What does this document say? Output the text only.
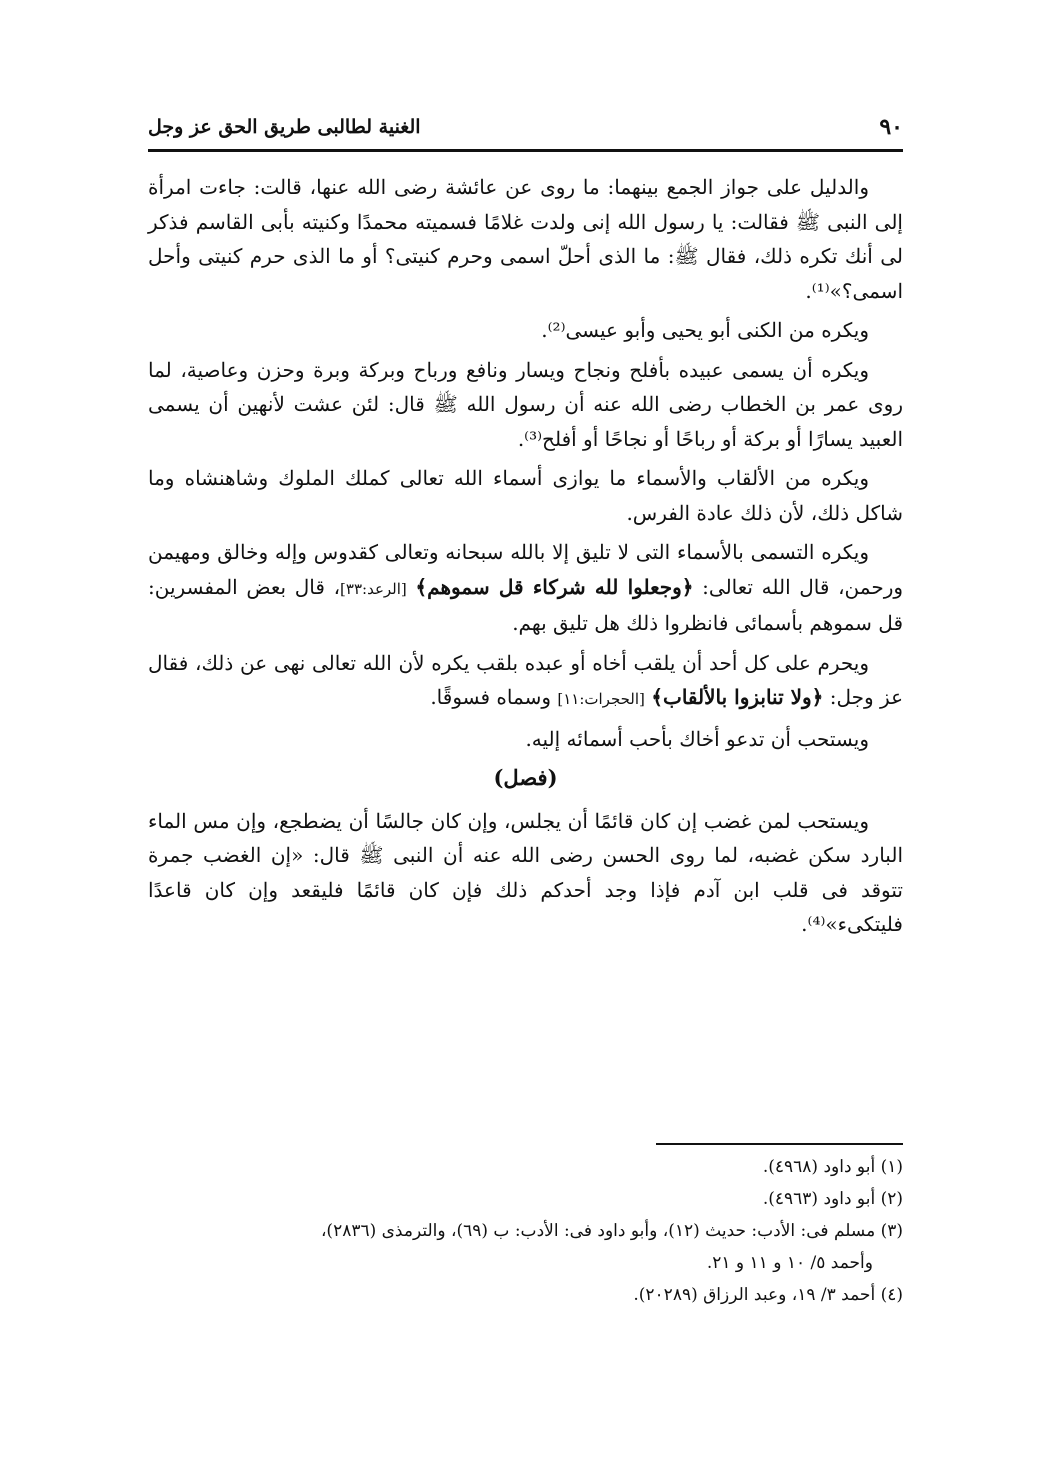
٩٠
الغنية لطالبى طريق الحق عز وجل

والدليل على جواز الجمع بينهما: ما روى عن عائشة رضى الله عنها، قالت: جاءت امرأة إلى النبى ﷺ فقالت: يا رسول الله إنى ولدت غلامًا فسميته محمدًا وكنيته بأبى القاسم فذكر لى أنك تكره ذلك، فقال ﷺ: ما الذى أحلّ اسمى وحرم كنيتى؟ أو ما الذى حرم كنيتى وأحل اسمى؟»⁽¹⁾.

ويكره من الكنى أبو يحيى وأبو عيسى⁽²⁾.

ويكره أن يسمى عبيده بأفلح ونجاح ويسار ونافع ورباح وبركة وبرة وحزن وعاصية، لما روى عمر بن الخطاب رضى الله عنه أن رسول الله ﷺ قال: لئن عشت لأنهين أن يسمى العبيد يسارًا أو بركة أو رباحًا أو نجاحًا أو أفلح⁽³⁾.

ويكره من الألقاب والأسماء ما يوازى أسماء الله تعالى كملك الملوك وشاهنشاه وما شاكل ذلك، لأن ذلك عادة الفرس.

ويكره التسمى بالأسماء التى لا تليق إلا بالله سبحانه وتعالى كقدوس وإله وخالق ومهيمن ورحمن، قال الله تعالى: ﴿وجعلوا لله شركاء قل سموهم﴾ [الرعد:٣٣]، قال بعض المفسرين: قل سموهم بأسمائى فانظروا ذلك هل تليق بهم.

ويحرم على كل أحد أن يلقب أخاه أو عبده بلقب يكره لأن الله تعالى نهى عن ذلك، فقال عز وجل: ﴿ولا تنابزوا بالألقاب﴾ [الحجرات:١١] وسماه فسوقًا.

ويستحب أن تدعو أخاك بأحب أسمائه إليه.

(فصل)

ويستحب لمن غضب إن كان قائمًا أن يجلس، وإن كان جالسًا أن يضطجع، وإن مس الماء البارد سكن غضبه، لما روى الحسن رضى الله عنه أن النبى ﷺ قال: «إن الغضب جمرة تتوقد فى قلب ابن آدم فإذا وجد أحدكم ذلك فإن كان قائمًا فليقعد وإن كان قاعدًا فليتكىء»⁽⁴⁾.

(١) أبو داود (٤٩٦٨).
(٢) أبو داود (٤٩٦٣).
(٣) مسلم فى: الأدب: حديث (١٢)، وأبو داود فى: الأدب: ب (٦٩)، والترمذى (٢٨٣٦)،
وأحمد ٥/ ١٠ و ١١ و ٢١.
(٤) أحمد ٣/ ١٩، وعبد الرزاق (٢٠٢٨٩).
